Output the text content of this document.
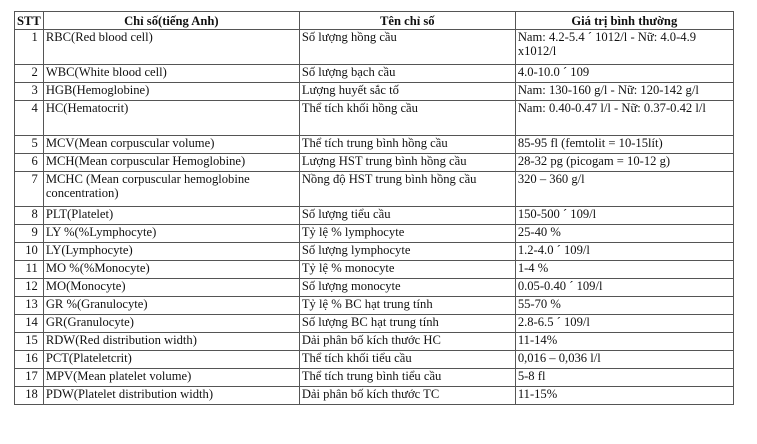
STT	Chỉ số(tiếng Anh)	Tên chỉ số	Giá trị bình thường
1	RBC(Red blood cell)	Số lượng hồng cầu	Nam: 4.2-5.4 ´ 1012/l - Nữ: 4.0-4.9 x1012/l
2	WBC(White blood cell)	Số lượng bạch cầu	4.0-10.0 ´ 109
3	HGB(Hemoglobine)	Lượng huyết sắc tố	Nam: 130-160 g/l - Nữ: 120-142 g/l
4	HC(Hematocrit)	Thể tích khối hồng cầu	Nam: 0.40-0.47 l/l - Nữ: 0.37-0.42 l/l
5	MCV(Mean corpuscular volume)	Thể tích trung bình hồng cầu	85-95 fl (femtolit = 10-15lít)
6	MCH(Mean corpuscular Hemoglobine)	Lượng HST trung bình hồng cầu	28-32 pg (picogam = 10-12 g)
7	MCHC (Mean corpuscular hemoglobine concentration)	Nồng độ HST trung bình hồng cầu	320 – 360 g/l
8	PLT(Platelet)	Số lượng tiểu cầu	150-500 ´ 109/l
9	LY %(%Lymphocyte)	Tỷ lệ % lymphocyte	25-40 %
10	LY(Lymphocyte)	Số lượng lymphocyte	1.2-4.0 ´ 109/l
11	MO %(%Monocyte)	Tỷ lệ % monocyte	1-4 %
12	MO(Monocyte)	Số lượng monocyte	0.05-0.40 ´ 109/l
13	GR %(Granulocyte)	Tỷ lệ % BC hạt trung tính	55-70 %
14	GR(Granulocyte)	Số lượng BC hạt trung tính	2.8-6.5 ´ 109/l
15	RDW(Red distribution width)	Dải phân bố kích thước HC	11-14%
16	PCT(Plateletcrit)	Thể tích khối tiểu cầu	0,016 – 0,036 l/l
17	MPV(Mean platelet volume)	Thể tích trung bình tiểu cầu	5-8 fl
18	PDW(Platelet distribution width)	Dải phân bố kích thước TC	11-15%
